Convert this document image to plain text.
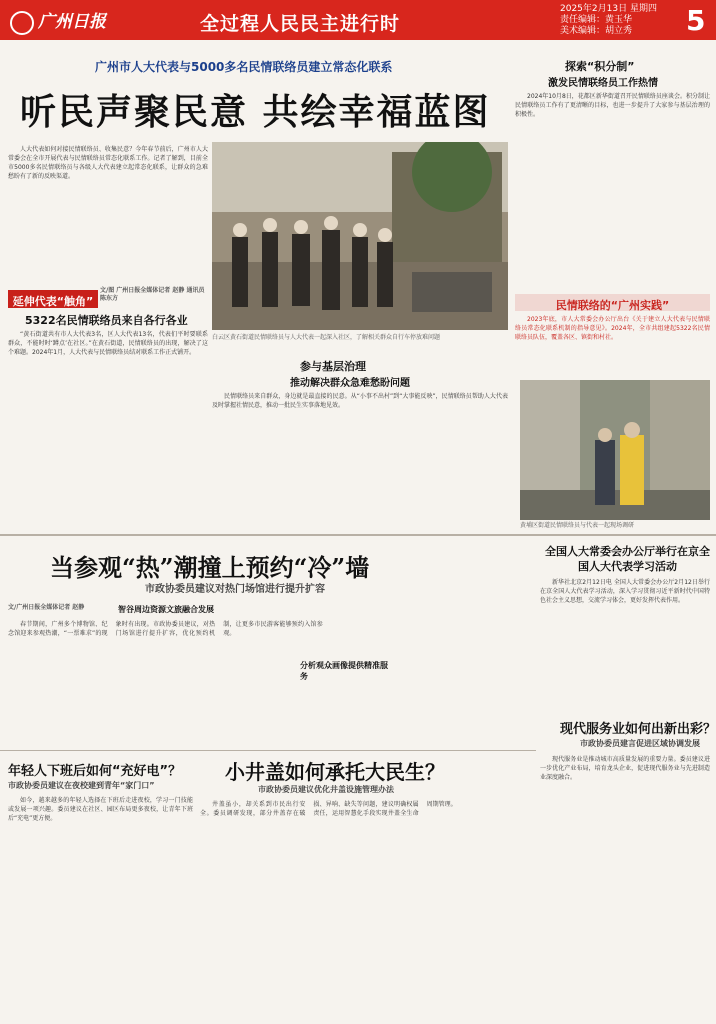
广州日报	全过程人民民主进行时
2025年2月13日 星期四
责任编辑：黄玉华
美术编辑：胡立秀	5
广州市人大代表与5000多名民情联络员建立常态化联系
听民声聚民意 共绘幸福蓝图

人大代表如何对接民情联络员、收集民意？今年春节前后，广州市人大常委会在全市开展代表与民情联络员常态化联系工作。记者了解到，目前全市5000多名民情联络员与各级人大代表建立起常态化联系，让群众的急难愁盼有了新的反映渠道。

文/图 广州日报全媒体记者 赵静 通讯员 陈东方
白云区黄石街道民情联络员与人大代表一起深入社区，了解相关群众自行车停放难问题
延伸代表“触角”
5322名民情联络员来自各行各业

“黄石街道共有市人大代表3名，区人大代表13名，代表们平时要联系群众，不能时时‘蹲点’在社区。”在黄石街道，民情联络员的出现，解决了这个难题。2024年1月，人大代表与民情联络员结对联系工作正式铺开。

参与基层治理
推动解决群众急难愁盼问题

民情联络员来自群众，身边就是最直接的民意。从“小事不出村”到“大事能反映”，民情联络员帮助人大代表及时掌握社情民意，推动一批民生实事落地见效。

探索“积分制”
激发民情联络员工作热情

2024年10月8日，花都区新华街道召开民情联络员座谈会。积分制让民情联络员工作有了更清晰的目标，也进一步提升了大家参与基层治理的积极性。

民情联络的“广州实践”

2023年底，市人大常委会办公厅出台《关于建立人大代表与民情联络员常态化联系机制的指导意见》。2024年，全市共组建起5322名民情联络员队伍，覆盖各区、镇街和村社。

黄埔区街道民情联络员与代表一起现场调研
当参观“热”潮撞上预约“冷”墙
市政协委员建议对热门场馆进行提升扩容
文/广州日报全媒体记者 赵静	智谷周边资源文旅融合发展
分析观众画像提供精准服务

春节期间，广州多个博物馆、纪念馆迎来参观热潮，“一票难求”的现象时有出现。市政协委员建议，对热门场馆进行提升扩容，优化预约机制，让更多市民游客能够预约入馆参观。

全国人大常委会办公厅举行在京全国人大代表学习活动

新华社北京2月12日电 全国人大常委会办公厅2月12日举行在京全国人大代表学习活动，深入学习贯彻习近平新时代中国特色社会主义思想，交流学习体会，更好发挥代表作用。

现代服务业如何出新出彩？
市政协委员建言促进区域协调发展

现代服务业是推动城市高质量发展的重要力量。委员建议进一步优化产业布局，培育龙头企业，促进现代服务业与先进制造业深度融合。

年轻人下班后如何“充好电”？
市政协委员建议在夜校建到青年“家门口”

如今，越来越多的年轻人选择在下班后走进夜校，学习一门技能或发展一项兴趣。委员建议在社区、园区布局更多夜校，让青年下班后“充电”更方便。

小井盖如何承托大民生？
市政协委员建议优化井盖设施管理办法

井盖虽小，却关系到市民出行安全。委员调研发现，部分井盖存在破损、异响、缺失等问题，建议明确权属责任，运用智慧化手段实现井盖全生命周期管理。
